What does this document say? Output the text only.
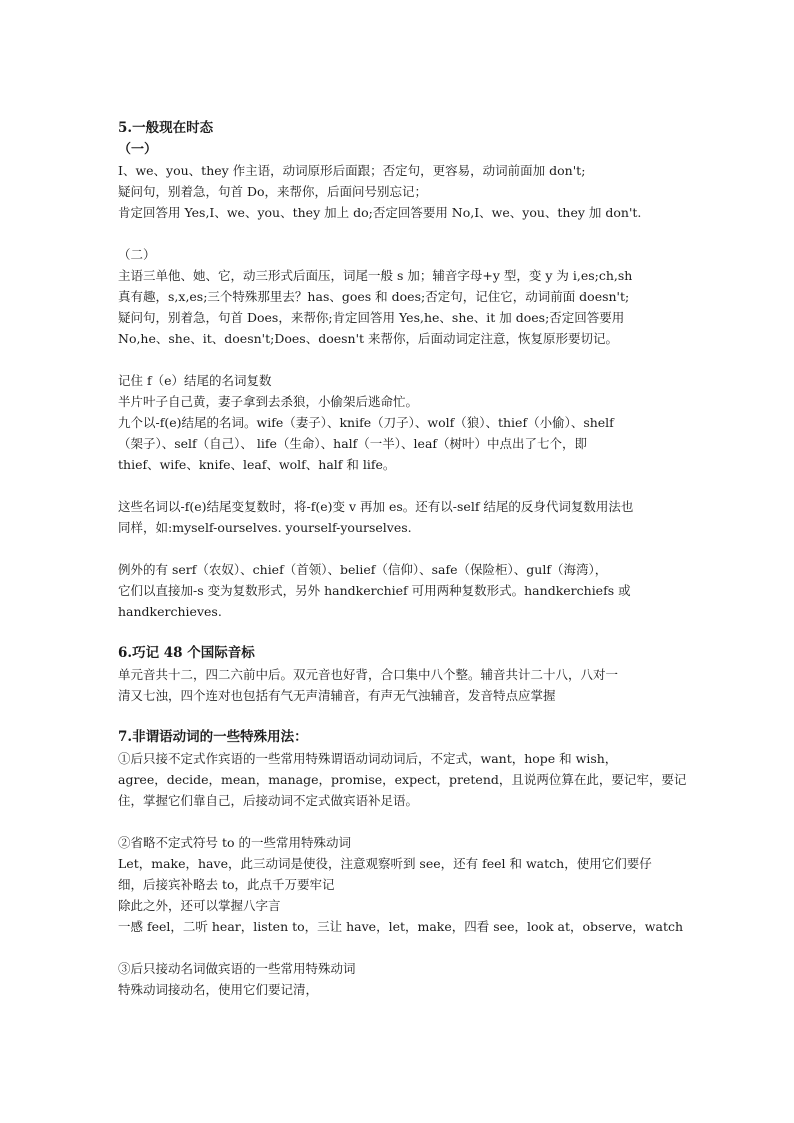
5.一般现在时态
（一）
I、we、you、they 作主语，动词原形后面跟；否定句，更容易，动词前面加 don't;
疑问句，别着急，句首 Do，来帮你，后面问号别忘记；
肯定回答用 Yes,I、we、you、they 加上 do;否定回答要用 No,I、we、you、they 加 don't.
（二）
主语三单他、她、它，动三形式后面压，词尾一般 s 加；辅音字母+y 型，变 y 为 i,es;ch,sh
真有趣，s,x,es;三个特殊那里去？has、goes 和 does;否定句，记住它，动词前面 doesn't;
疑问句，别着急，句首 Does，来帮你;肯定回答用 Yes,he、she、it 加 does;否定回答要用
No,he、she、it、doesn't;Does、doesn't 来帮你，后面动词定注意，恢复原形要切记。
记住 f（e）结尾的名词复数
半片叶子自己黄，妻子拿到去杀狼，小偷架后逃命忙。
九个以-f(e)结尾的名词。wife（妻子）、knife（刀子）、wolf（狼）、thief（小偷）、shelf
（架子）、self（自己）、 life（生命）、half（一半）、leaf（树叶）中点出了七个，即
thief、wife、knife、leaf、wolf、half 和 life。
这些名词以-f(e)结尾变复数时，将-f(e)变 v 再加 es。还有以-self 结尾的反身代词复数用法也
同样，如:myself-ourselves. yourself-yourselves.
例外的有 serf（农奴）、chief（首领）、belief（信仰）、safe（保险柜）、gulf（海湾），
它们以直接加-s 变为复数形式，另外 handkerchief 可用两种复数形式。handkerchiefs 或
handkerchieves.
6.巧记 48 个国际音标
单元音共十二，四二六前中后。双元音也好背，合口集中八个整。辅音共计二十八，八对一
清又七浊，四个连对也包括有气无声清辅音，有声无气浊辅音，发音特点应掌握
7.非谓语动词的一些特殊用法：
①后只接不定式作宾语的一些常用特殊谓语动词动词后，不定式，want，hope 和 wish，
agree，decide，mean，manage，promise，expect，pretend，且说两位算在此，要记牢，要记
住，掌握它们靠自己，后接动词不定式做宾语补足语。
②省略不定式符号 to 的一些常用特殊动词
Let，make，have，此三动词是使役，注意观察听到 see，还有 feel 和 watch，使用它们要仔
细，后接宾补略去 to，此点千万要牢记
除此之外，还可以掌握八字言
一感 feel，二听 hear，listen to，三让 have，let，make，四看 see，look at，observe，watch
③后只接动名词做宾语的一些常用特殊动词
特殊动词接动名，使用它们要记清，
